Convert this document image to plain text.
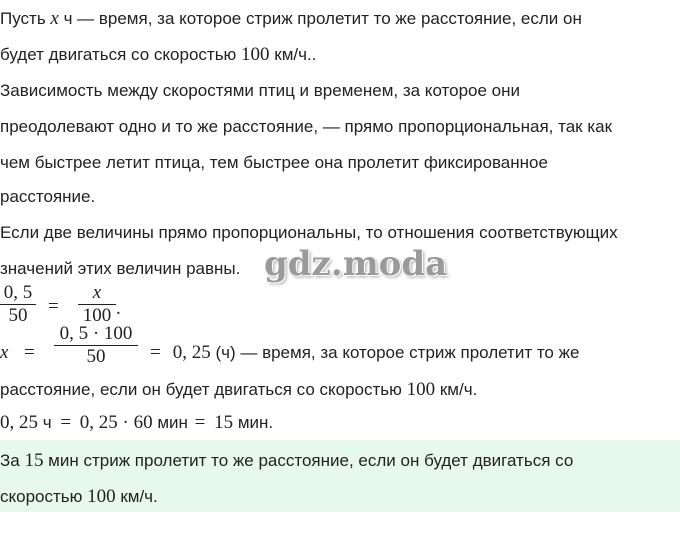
Пусть x ч — время, за которое стриж пролетит то же расстояние, если он
будет двигаться со скоростью 100 км/ч..
Зависимость между скоростями птиц и временем, за которое они
преодолевают одно и то же расстояние, — прямо пропорциональная, так как
чем быстрее летит птица, тем быстрее она пролетит фиксированное
расстояние.
Если две величины прямо пропорциональны, то отношения соответствующих
значений этих величин равны. gdz.moda
0, 5
50	=
x
100 .
x =
0, 5 · 100
50	= 0, 25 (ч) — время, за которое стриж пролетит то же
расстояние, если он будет двигаться со скоростью 100 км/ч.
0, 25 ч = 0, 25 · 60 мин = 15 мин.
За 15 мин стриж пролетит то же расстояние, если он будет двигаться со
скоростью 100 км/ч.
